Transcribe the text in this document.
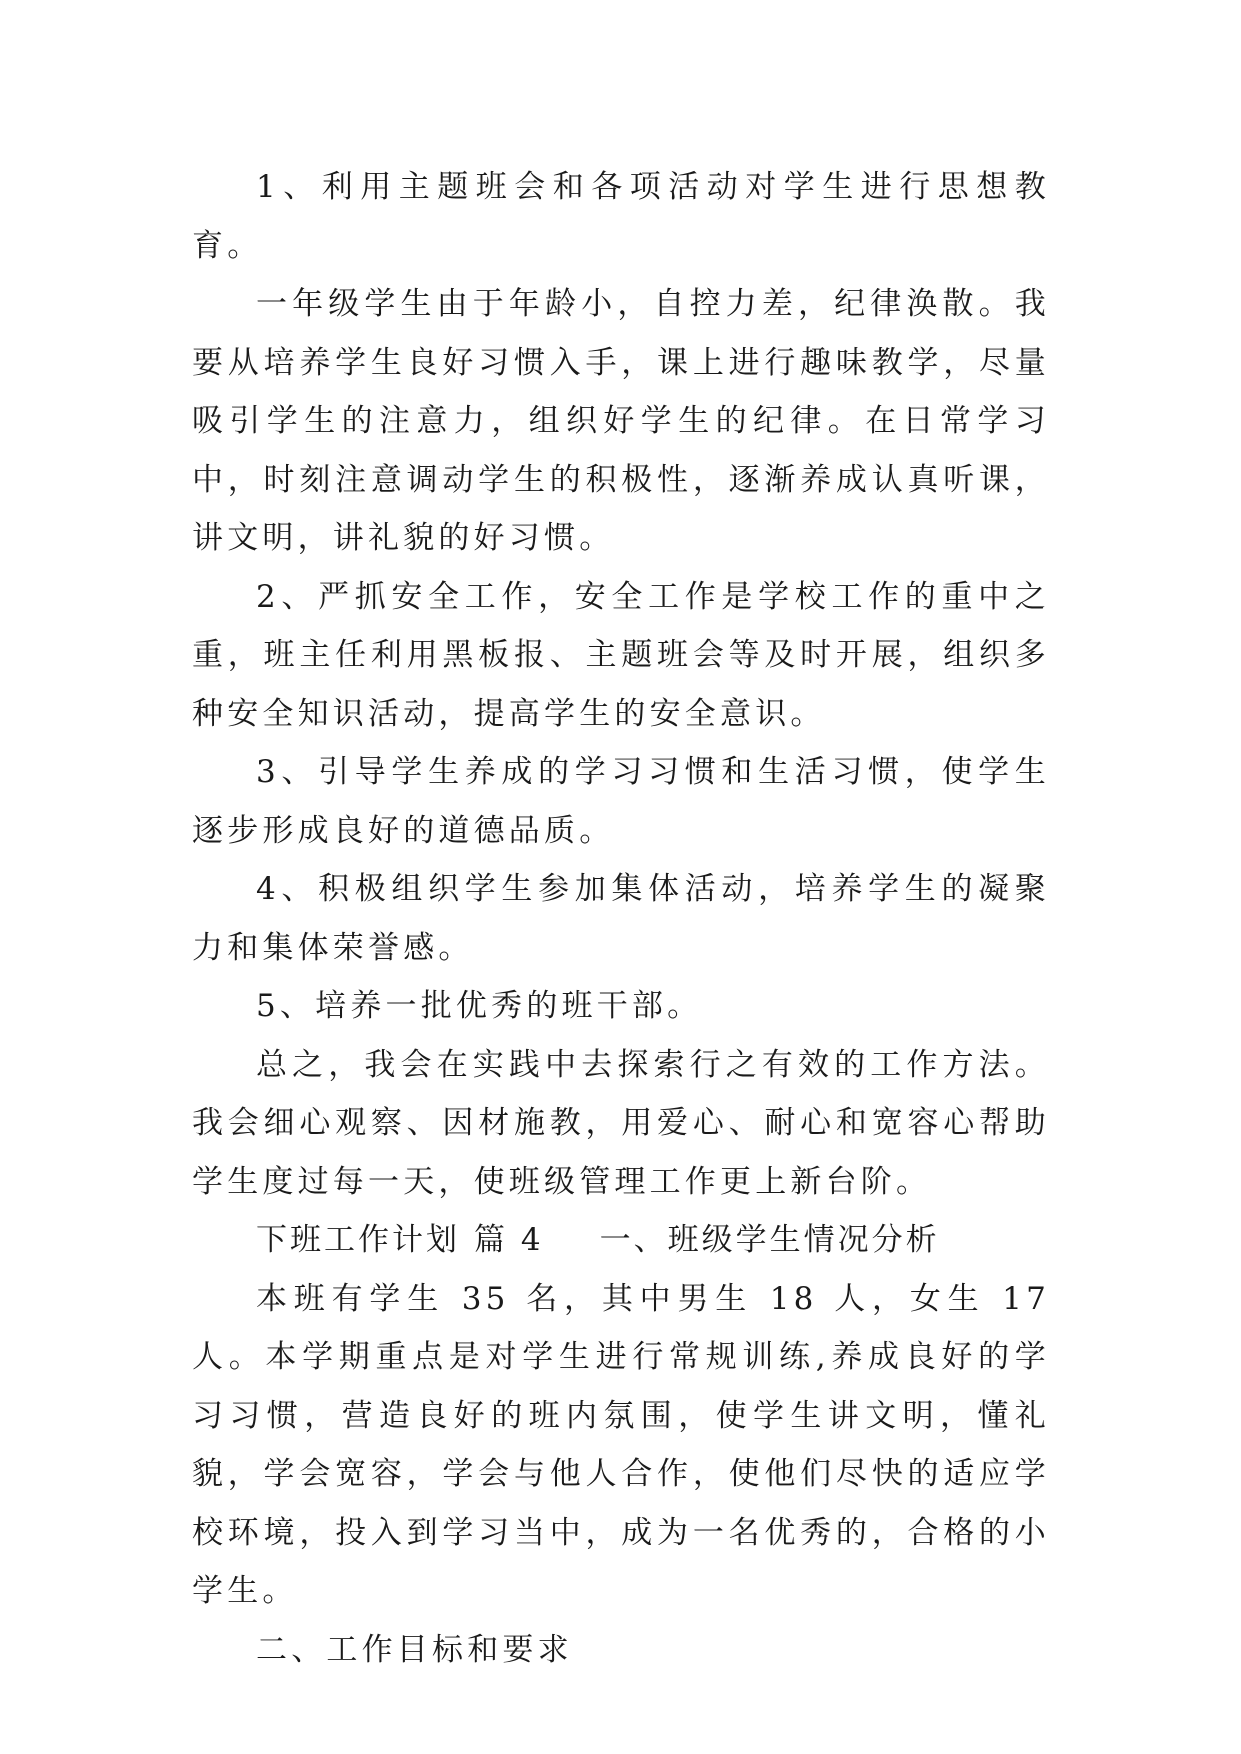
1、利用主题班会和各项活动对学生进行思想教育。

一年级学生由于年龄小，自控力差，纪律涣散。我要从培养学生良好习惯入手，课上进行趣味教学，尽量吸引学生的注意力，组织好学生的纪律。在日常学习中，时刻注意调动学生的积极性，逐渐养成认真听课，讲文明，讲礼貌的好习惯。

2、严抓安全工作，安全工作是学校工作的重中之重，班主任利用黑板报、主题班会等及时开展，组织多种安全知识活动，提高学生的安全意识。

3、引导学生养成的学习习惯和生活习惯，使学生逐步形成良好的道德品质。

4、积极组织学生参加集体活动，培养学生的凝聚力和集体荣誉感。

5、培养一批优秀的班干部。

总之，我会在实践中去探索行之有效的工作方法。我会细心观察、因材施教，用爱心、耐心和宽容心帮助学生度过每一天，使班级管理工作更上新台阶。

下班工作计划 篇 4 一、班级学生情况分析

本班有学生 35 名，其中男生 18 人，女生 17 人。本学期重点是对学生进行常规训练,养成良好的学习习惯，营造良好的班内氛围，使学生讲文明，懂礼貌，学会宽容，学会与他人合作，使他们尽快的适应学校环境，投入到学习当中，成为一名优秀的，合格的小学生。

二、工作目标和要求
